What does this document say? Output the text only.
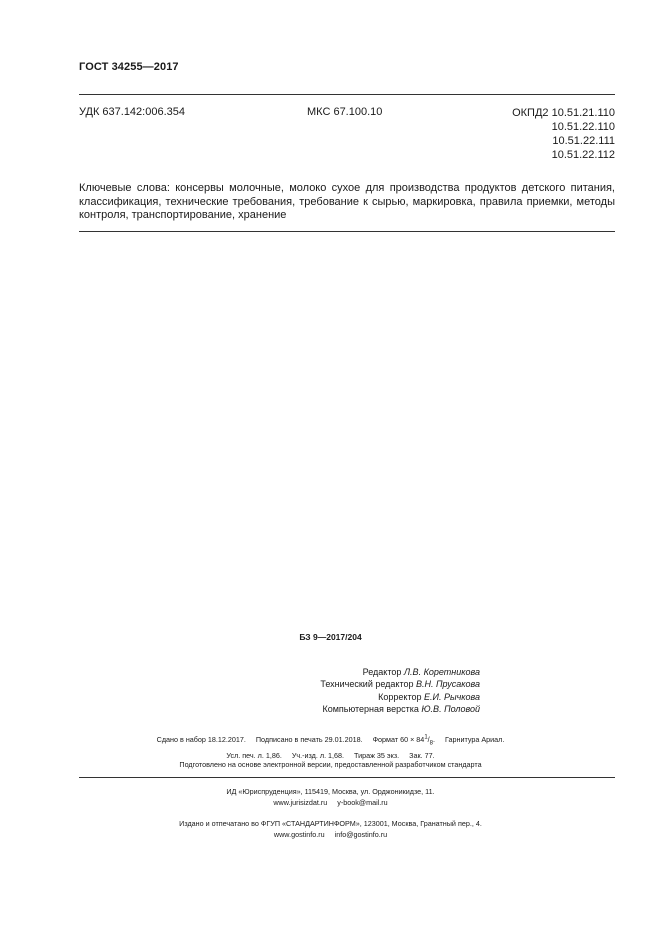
ГОСТ 34255—2017
УДК 637.142:006.354	МКС 67.100.10	ОКПД2 10.51.21.110
10.51.22.110
10.51.22.111
10.51.22.112
Ключевые слова: консервы молочные, молоко сухое для производства продуктов детского питания, классификация, технические требования, требование к сырью, маркировка, правила приемки, методы контроля, транспортирование, хранение
БЗ 9—2017/204
Редактор Л.В. Коретникова
Технический редактор В.Н. Прусакова
Корректор Е.И. Рычкова
Компьютерная верстка Ю.В. Половой
Сдано в набор 18.12.2017. Подписано в печать 29.01.2018. Формат $60 \times 84^1/_8$. Гарнитура Ариал.
Усл. печ. л. 1,86. Уч.-изд. л. 1,68. Тираж 35 экз. Зак. 77.
Подготовлено на основе электронной версии, предоставленной разработчиком стандарта
ИД «Юриспруденция», 115419, Москва, ул. Орджоникидзе, 11.
www.jurisizdat.ru y-book@mail.ru
Издано и отпечатано во ФГУП «СТАНДАРТИНФОРМ», 123001, Москва, Гранатный пер., 4.
www.gostinfo.ru info@gostinfo.ru
